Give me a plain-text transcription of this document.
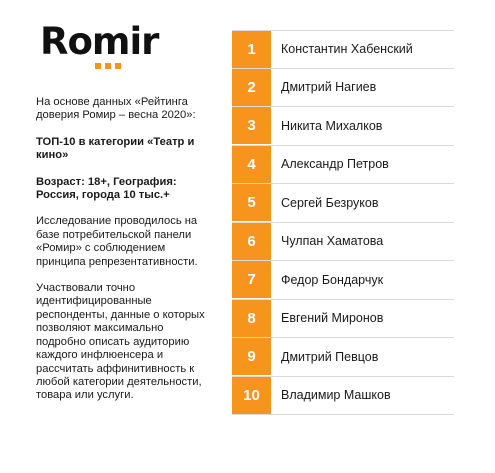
Romir

На основе данных «Рейтинга доверия Ромир – весна 2020»:

ТОП-10 в категории «Театр и кино»

Возраст: 18+, География: Россия, города 10 тыс.+

Исследование проводилось на базе потребительской панели «Ромир» с соблюдением принципа репрезентативности.

Участвовали точно идентифицированные респонденты, данные о которых позволяют максимально подробно описать аудиторию каждого инфлюенсера и рассчитать аффинитивность к любой категории деятельности, товара или услуги.

1	Константин Хабенский
2	Дмитрий Нагиев
3	Никита Михалков
4	Александр Петров
5	Сергей Безруков
6	Чулпан Хаматова
7	Федор Бондарчук
8	Евгений Миронов
9	Дмитрий Певцов
10	Владимир Машков
